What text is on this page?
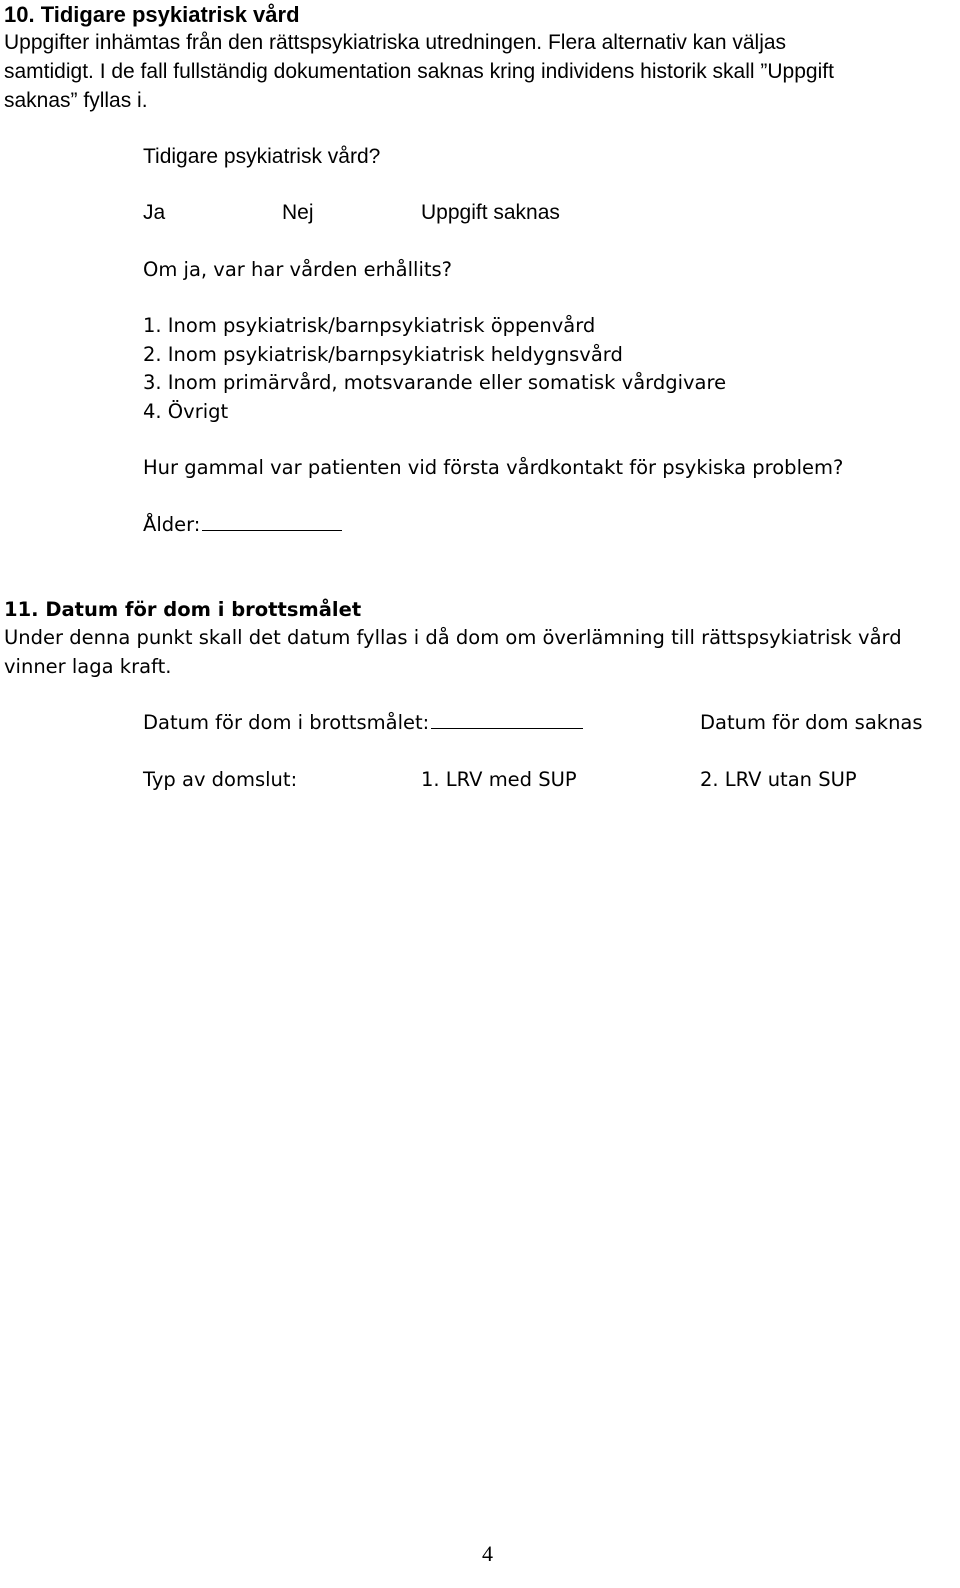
10. Tidigare psykiatrisk vård
Uppgifter inhämtas från den rättspsykiatriska utredningen. Flera alternativ kan väljas
samtidigt. I de fall fullständig dokumentation saknas kring individens historik skall ”Uppgift
saknas” fyllas i.
Tidigare psykiatrisk vård?
Ja	Nej	Uppgift saknas
Om ja, var har vården erhållits?
1. Inom psykiatrisk/barnpsykiatrisk öppenvård
2. Inom psykiatrisk/barnpsykiatrisk heldygnsvård
3. Inom primärvård, motsvarande eller somatisk vårdgivare
4. Övrigt
Hur gammal var patienten vid första vårdkontakt för psykiska problem?
Ålder:
11. Datum för dom i brottsmålet
Under denna punkt skall det datum fyllas i då dom om överlämning till rättspsykiatrisk vård
vinner laga kraft.
Datum för dom i brottsmålet:	Datum för dom saknas
Typ av domslut:	1. LRV med SUP	2. LRV utan SUP
4
